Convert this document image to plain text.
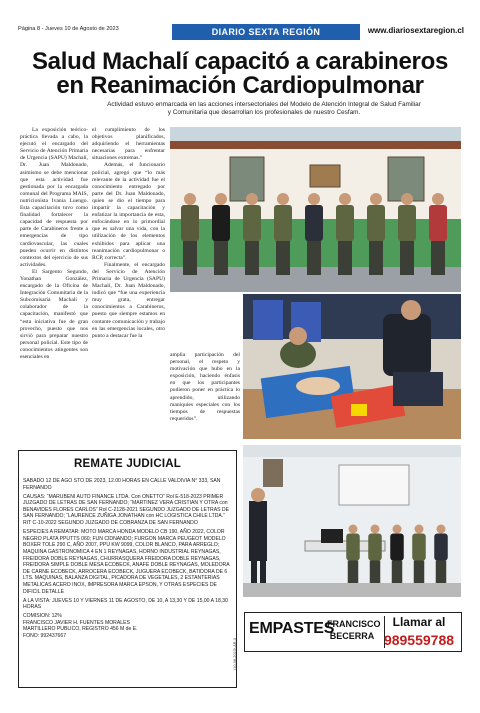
Página 8 - Jueves 10 de Agosto de 2023	DIARIO SEXTA REGIÓN	www.diariosextaregion.cl
Salud Machalí capacitó a carabineros
en Reanimación Cardiopulmonar
Actividad estuvo enmarcada en las acciones intersectoriales del Modelo de Atención Integral de Salud Familiar
y Comunitaria que desarrollan los profesionales de nuestro Cesfam.

La exposición teórico-práctica llevada a cabo, la ejecutó el encargado del Servicio de Atención Primaria de Urgencia (SAPU) Machalí, Dr. Juan Maldonado, asimismo se debe mencionar que esta actividad fue gestionada por la encargada comunal del Programa MAIS, nutricionista Ivania Luengo. Esta capacitación tuvo como finalidad fortalecer la capacidad de respuesta por parte de Carabineros frente a emergencias de tipo cardiovascular, las cuales pueden ocurrir en distintos contextos del ejercicio de sus actividades.

El Sargento Segundo, Yonathan González, encargado de la Oficina de Integración Comunitaria de la Subcomisaría Machalí y colaborador de la capacitación, manifestó que “esta iniciativa fue de gran provecho, puesto que nos sirvió para preparar nuestro personal policial. Este tipo de conocimientos atingentes son esenciales en

el cumplimiento de los objetivos planificados, adquiriendo el herramientas necesarias para enfrentar situaciones extremas.”

Además, el funcionario policial, agregó que “lo más relevante de la actividad fue el conocimiento entregado por parte del Dr. Juan Maldonado, quien se dio el tiempo para impartir la capacitación y enfatizar la importancia de esta, enfocándose en lo primordial que es salvar una vida, con la utilización de los elementos exhibidos para aplicar una reanimación cardiopulmonar o RCP, correcta”.

Finalmente, el encargado del Servicio de Atención Primaria de Urgencia (SAPU) Machalí, Dr. Juan Maldonado, indicó que “fue una experiencia muy grata, entregar conocimientos a Carabineros, puesto que siempre estamos en contante comunicación y trabajo en las emergencias locales, otro punto a destacar fue la

amplia participación del personal, el respeto y motivación que hubo en la exposición, haciendo énfasis en que los participantes pudieron poner en práctica lo aprendido, utilizando maniquíes especiales con los tiempos de respuestas requeridos”.

REMATE JUDICIAL

SABADO 12 DE AGO STO DE 2023, 12.00 HORAS EN CALLE VALDIVIA N° 333, SAN FERNANDO

CAUSAS: “MARUBENI AUTO FINANCE LTDA. Con ONETTO” Rol E-518-2023 PRIMER JUZGADO DE LETRAS DE SAN FERNANDO; “MARTINEZ VERA CRISTIAN Y OTRA con BENAVIDES FLORES CARLOS” Rol C-2128-2021 SEGUNDO JUZGADO DE LETRAS DE SAN FERNANDO; “LAURENCE ZUÑIGA JONATHAN con HC LOGISTICA CHILE LTDA.” RIT C-10-2022 SEGUNDO JUZGADO DE COBRANZA DE SAN FERNANDO

ESPECIES A REMATAR: MOTO MARCA HONDA MODELO CB 190, AÑO 2022, COLOR NEGRO PLATA PPUTTS 060; FUN CIDNANDO; FURGON MARCA PEUGEOT MODELO BOXER TOLE 290 C, AÑO 2007, PPU KW 9099, COLOR BLANCO, PARA ARREGLO; MAQUINA GASTRONOMICA 4 EN 1 REYNAGAS, HORNO INDUSTRIAL REYNAGAS, FREIDORA DOBLE REYNAGAS, CHURRASQUERA FREIDORA DOBLE REYNAGAS, FREIDORA SIMPLE DOBLE MESA ECOBECK, ANAFE DOBLE REYNAGAS, MOLEDORA DE CARNE ECOBECK, ARROCERA ECOBECK, JUGUERA ECOBECK, BATIDORA DE 6 LTS. MAQUINAS, BALANZA DIGITAL, PICADORA DE VEGETALES, 2 ESTANTERIAS METALICAS ACERO INOX, IMPRESORA MARCA EPSON, Y OTRAS ESPECIES DE DIFICIL DETALLE

A LA VISTA: JUEVES 10 Y VIERNES 11 DE AGOSTO, DE 10, A 13,30 Y DE 15,00 A 18,30 HORAS

COMISION: 12%
FRANCISCO JAVIER H. FUENTES MORALES
MARTILLERO PUBLICO, REGISTRO 456 M de E.
FONO: 992437667
(10-08-2023)-AR-3
EMPASTES
FRANCISCO
BECERRA
Llamar al
989559788
